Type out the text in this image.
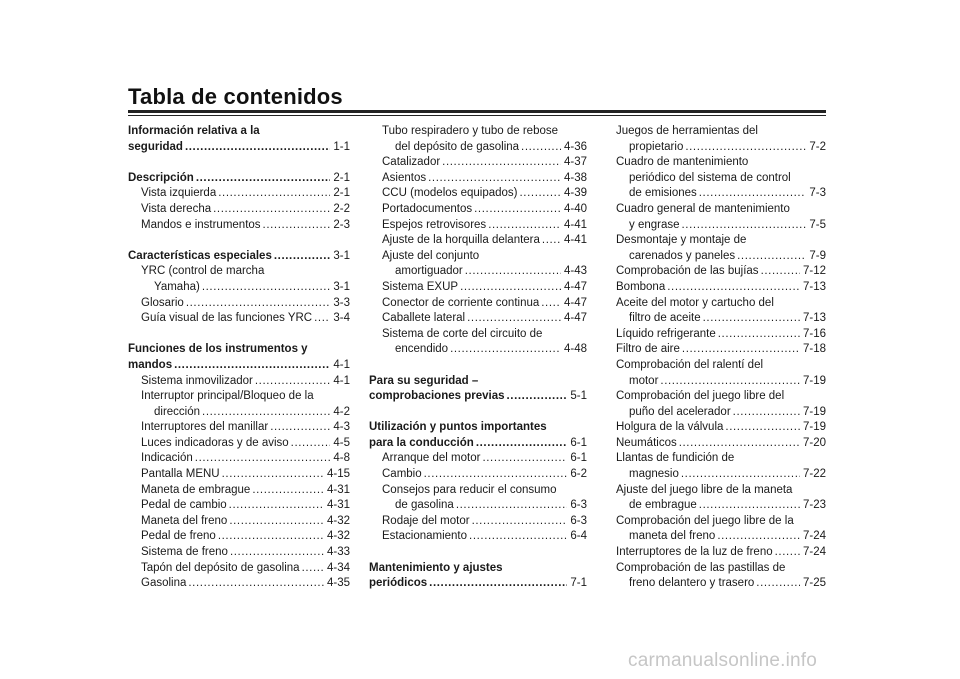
Tabla de contenidos
Información relativa a la
seguridad .....	1-1
Descripción .....	2-1
Vista izquierda .....	2-1
Vista derecha .....	2-2
Mandos e instrumentos .....	2-3
Características especiales .....	3-1
YRC (control de marcha
Yamaha) .....	3-1
Glosario .....	3-3
Guía visual de las funciones YRC ..... 3-4
Funciones de los instrumentos y
mandos .....	4-1
Sistema inmovilizador .....	4-1
Interruptor principal/Bloqueo de la
dirección .....	4-2
Interruptores del manillar .....	4-3
Luces indicadoras y de aviso .....	4-5
Indicación .....	4-8
Pantalla MENU .....	4-15
Maneta de embrague .....	4-31
Pedal de cambio .....	4-31
Maneta del freno .....	4-32
Pedal de freno .....	4-32
Sistema de freno .....	4-33
Tapón del depósito de gasolina ..... 4-34
Gasolina .....	4-35
Tubo respiradero y tubo de rebose
del depósito de gasolina .....	4-36
Catalizador .....	4-37
Asientos .....	4-38
CCU (modelos equipados) .....	4-39
Portadocumentos .....	4-40
Espejos retrovisores .....	4-41
Ajuste de la horquilla delantera ..... 4-41
Ajuste del conjunto
amortiguador .....	4-43
Sistema EXUP .....	4-47
Conector de corriente continua ..... 4-47
Caballete lateral .....	4-47
Sistema de corte del circuito de
encendido .....	4-48
Para su seguridad –
comprobaciones previas .....	5-1
Utilización y puntos importantes
para la conducción .....	6-1
Arranque del motor .....	6-1
Cambio .....	6-2
Consejos para reducir el consumo
de gasolina .....	6-3
Rodaje del motor .....	6-3
Estacionamiento .....	6-4
Mantenimiento y ajustes
periódicos .....	7-1
Juegos de herramientas del
propietario .....	7-2
Cuadro de mantenimiento
periódico del sistema de control
de emisiones .....	7-3
Cuadro general de mantenimiento
y engrase .....	7-5
Desmontaje y montaje de
carenados y paneles .....	7-9
Comprobación de las bujías .....	7-12
Bombona .....	7-13
Aceite del motor y cartucho del
filtro de aceite .....	7-13
Líquido refrigerante .....	7-16
Filtro de aire .....	7-18
Comprobación del ralentí del
motor .....	7-19
Comprobación del juego libre del
puño del acelerador .....	7-19
Holgura de la válvula .....	7-19
Neumáticos .....	7-20
Llantas de fundición de
magnesio .....	7-22
Ajuste del juego libre de la maneta
de embrague .....	7-23
Comprobación del juego libre de la
maneta del freno .....	7-24
Interruptores de la luz de freno .....	7-24
Comprobación de las pastillas de
freno delantero y trasero .....	7-25
carmanualsonline.info
